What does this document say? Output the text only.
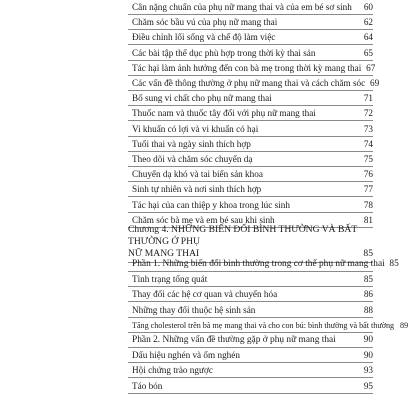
Cân nặng chuẩn của phụ nữ mang thai và của em bé sơ sinh	60
Chăm sóc bầu vú của phụ nữ mang thai	62
Điều chỉnh lối sống và chế độ làm việc	64
Các bài tập thể dục phù hợp trong thời kỳ thai sản	65
Tác hại làm ảnh hưởng đến con bà mẹ trong thời kỳ mang thai 67
Các vấn đề thông thường ở phụ nữ mang thai và cách chăm sóc 69
Bổ sung vi chất cho phụ nữ mang thai	71
Thuốc nam và thuốc tây đối với phụ nữ mang thai	72
Vi khuẩn có lợi và vi khuẩn có hại	73
Tuổi thai và ngày sinh thích hợp	74
Theo dõi và chăm sóc chuyển dạ	75
Chuyển dạ khó và tai biến sản khoa	76
Sinh tự nhiên và nơi sinh thích hợp	77
Tác hại của can thiệp y khoa trong lúc sinh	78
Chăm sóc bà mẹ và em bé sau khi sinh	81
Chương 4. NHỮNG BIẾN ĐỔI BÌNH THƯỜNG VÀ BẤT THƯỜNG Ở PHỤ
NỮ MANG THAI	85
Phần 1. Những biến đổi bình thường trong cơ thể phụ nữ mang thai 85
Tình trạng tổng quát	85
Thay đổi các hệ cơ quan và chuyển hóa	86
Những thay đổi thuộc hệ sinh sản	88
Tăng cholesterol trên bà mẹ mang thai và cho con bú: bình thường và bất thường 89
Phần 2. Những vấn đề thường gặp ở phụ nữ mang thai	90
Dấu hiệu nghén và ốm nghén	90
Hội chứng trào ngược	93
Táo bón	95
